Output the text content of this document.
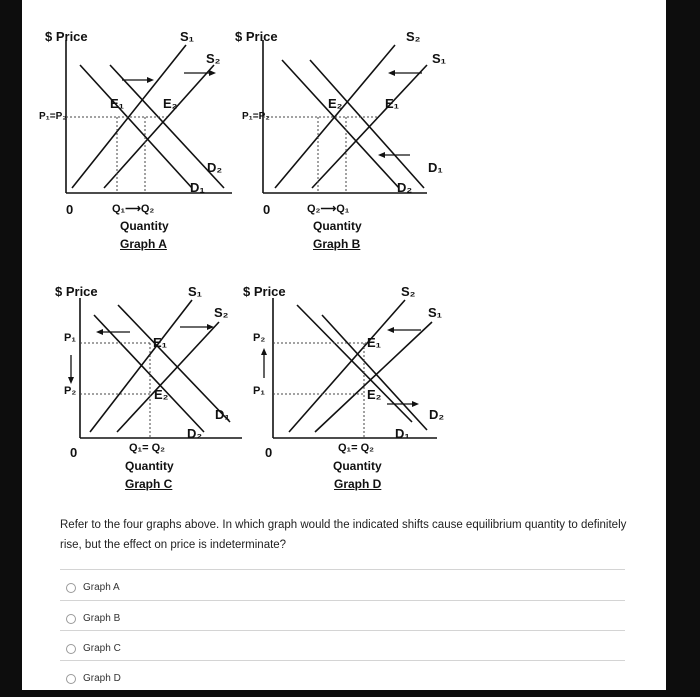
$ Price	S₁
S₂
P₁=P₂
E₁	E₂
D₂
D₁
0	Q₁⟶Q₂
Quantity
Graph A
$ Price	S₂
S₁
P₁=P₂
E₂	E₁
D₁
D₂
0	Q₂⟶Q₁
Quantity
Graph B
$ Price	S₁
S₂
P₁
P₂
E₁
E₂
D₁
D₂
0	Q₁= Q₂
Quantity
Graph C
$ Price	S₂
S₁
P₂
P₁
E₁
E₂
D₂
D₁
0	Q₁= Q₂
Quantity
Graph D
Refer to the four graphs above. In which graph would the indicated shifts cause equilibrium quantity to definitely rise, but the effect on price is indeterminate?
Graph A
Graph B
Graph C
Graph D
